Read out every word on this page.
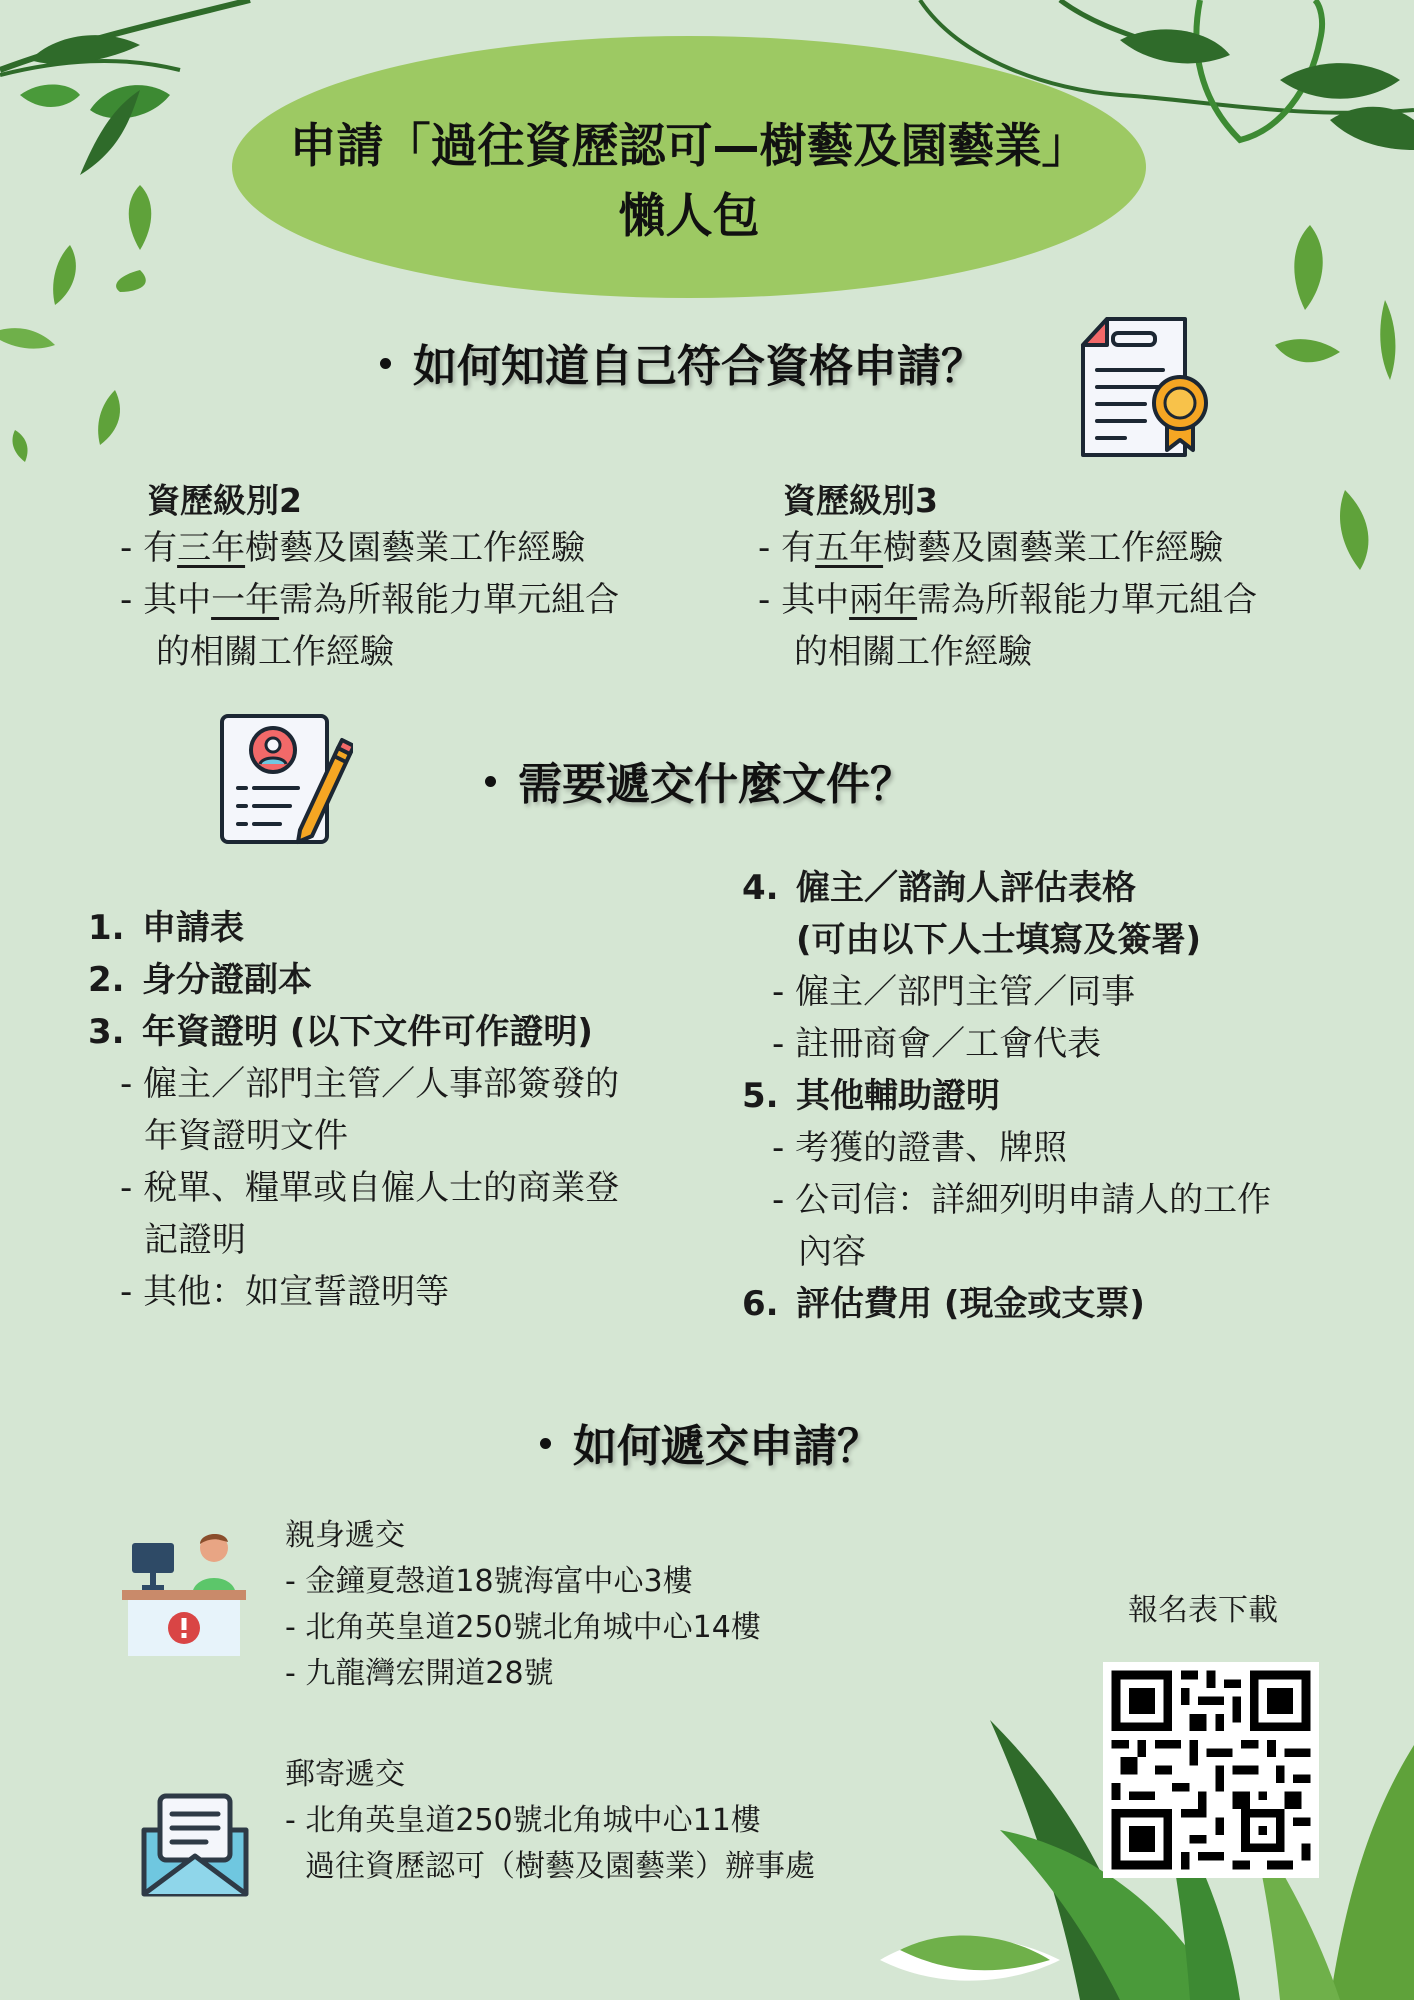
申請「過往資歷認可—樹藝及園藝業」
懶人包
如何知道自己符合資格申請？
資歷級別2
- 有三年樹藝及園藝業工作經驗
- 其中一年需為所報能力單元組合
的相關工作經驗
資歷級別3
- 有五年樹藝及園藝業工作經驗
- 其中兩年需為所報能力單元組合
的相關工作經驗
需要遞交什麼文件？
1. 申請表
2. 身分證副本
3. 年資證明 (以下文件可作證明)
- 僱主／部門主管／人事部簽發的
年資證明文件
- 稅單、糧單或自僱人士的商業登
記證明
- 其他：如宣誓證明等
4. 僱主／諮詢人評估表格
(可由以下人士填寫及簽署)
- 僱主／部門主管／同事
- 註冊商會／工會代表
5. 其他輔助證明
- 考獲的證書、牌照
- 公司信：詳細列明申請人的工作
內容
6. 評估費用 (現金或支票)
如何遞交申請？
親身遞交
- 金鐘夏愨道18號海富中心3樓
- 北角英皇道250號北角城中心14樓
- 九龍灣宏開道28號
郵寄遞交
- 北角英皇道250號北角城中心11樓
過往資歷認可（樹藝及園藝業）辦事處
報名表下載
